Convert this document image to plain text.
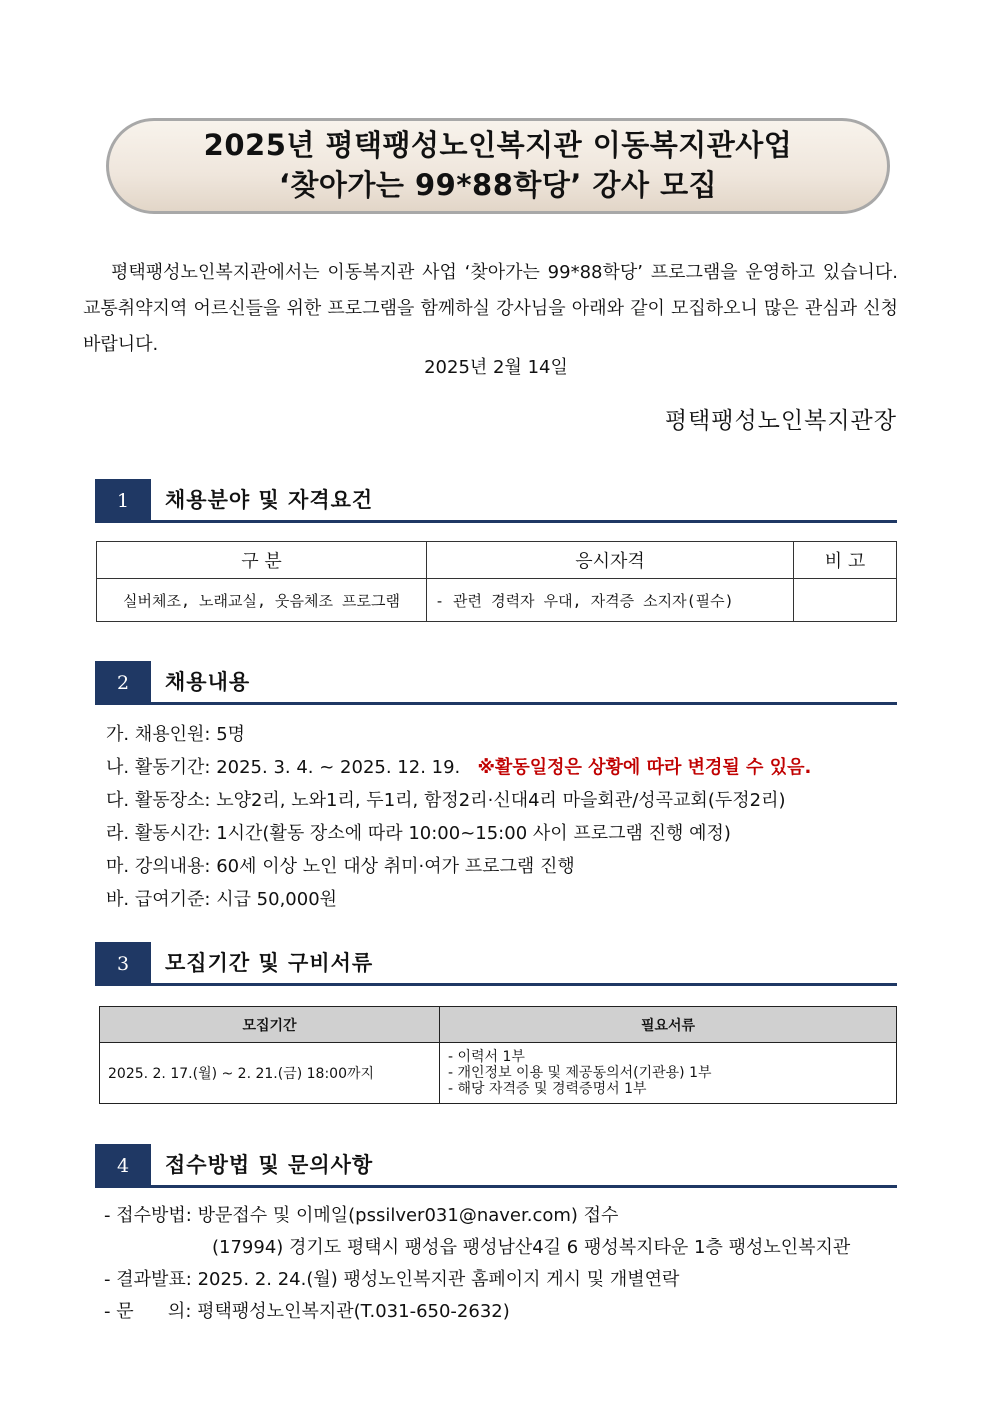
2025년 평택팽성노인복지관 이동복지관사업
‘찾아가는 99*88학당’ 강사 모집

평택팽성노인복지관에서는 이동복지관 사업 ‘찾아가는 99*88학당’ 프로그램을 운영하고 있습니다. 교통취약지역 어르신들을 위한 프로그램을 함께하실 강사님을 아래와 같이 모집하오니 많은 관심과 신청 바랍니다.

2025년 2월 14일
평택팽성노인복지관장
1	채용분야 및 자격요건
구 분	응시자격	비 고
실버체조, 노래교실, 웃음체조 프로그램	- 관련 경력자 우대, 자격증 소지자(필수)	
2	채용내용
가. 채용인원: 5명
나. 활동기간: 2025. 3. 4. ~ 2025. 12. 19. ※활동일정은 상황에 따라 변경될 수 있음.
다. 활동장소: 노양2리, 노와1리, 두1리, 함정2리·신대4리 마을회관/성곡교회(두정2리)
라. 활동시간: 1시간(활동 장소에 따라 10:00~15:00 사이 프로그램 진행 예정)
마. 강의내용: 60세 이상 노인 대상 취미·여가 프로그램 진행
바. 급여기준: 시급 50,000원
3	모집기간 및 구비서류
모집기간	필요서류
2025. 2. 17.(월) ~ 2. 21.(금) 18:00까지	- 이력서 1부
- 개인정보 이용 및 제공동의서(기관용) 1부
- 해당 자격증 및 경력증명서 1부
4	접수방법 및 문의사항
- 접수방법: 방문접수 및 이메일(pssilver031@naver.com) 접수
(17994) 경기도 평택시 팽성읍 팽성남산4길 6 팽성복지타운 1층 팽성노인복지관
- 결과발표: 2025. 2. 24.(월) 팽성노인복지관 홈페이지 게시 및 개별연락
- 문      의: 평택팽성노인복지관(T.031-650-2632)
